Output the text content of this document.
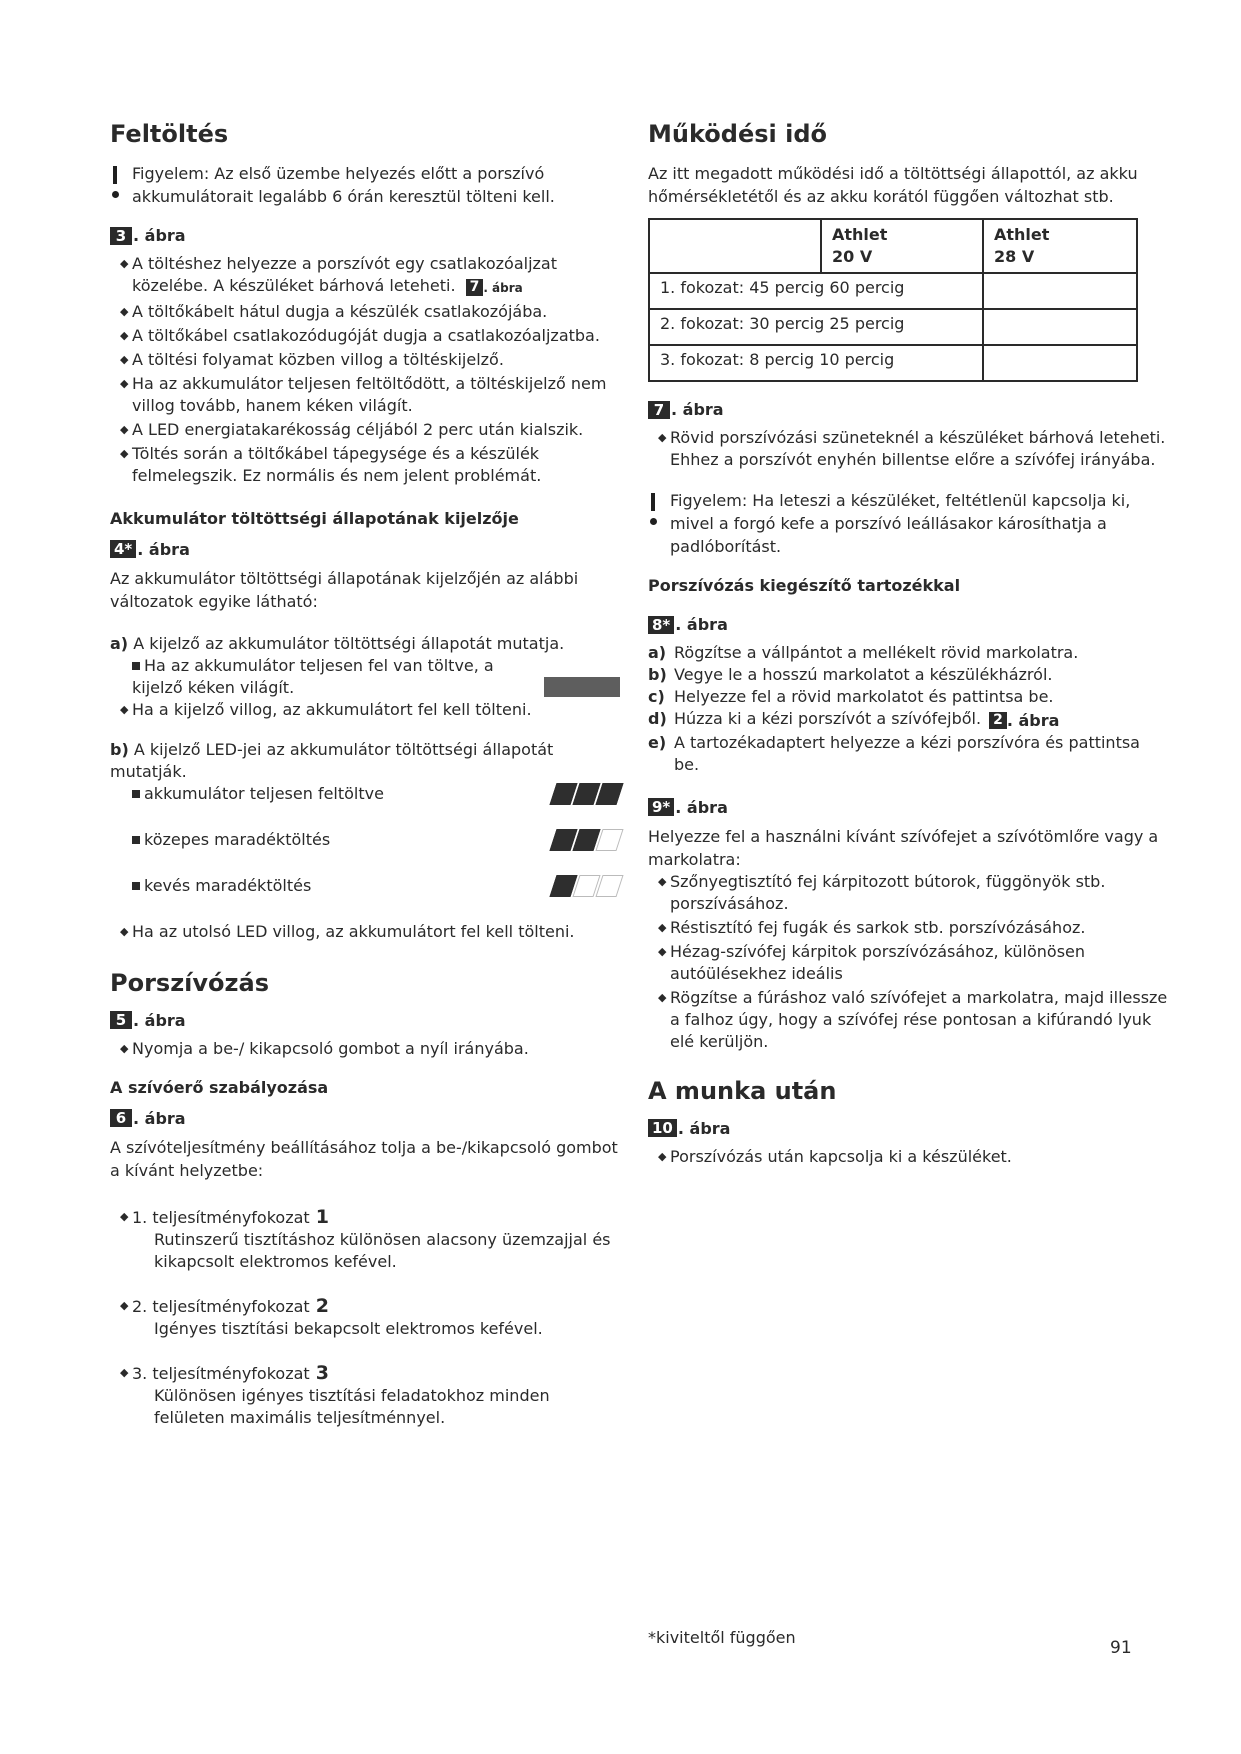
Feltöltés

Figyelem: Az első üzembe helyezés előtt a porszívó akkumulátorait legalább 6 órán keresztül tölteni kell.

3 . ábra
◆ A töltéshez helyezze a porszívót egy csatlakozóaljzat közelébe. A készüléket bárhová leteheti. 7 . ábra
◆ A töltőkábelt hátul dugja a készülék csatlakozójába.
◆ A töltőkábel csatlakozódugóját dugja a csatlakozóaljzatba.
◆ A töltési folyamat közben villog a töltéskijelző.
◆ Ha az akkumulátor teljesen feltöltődött, a töltéskijelző nem villog tovább, hanem kéken világít.
◆ A LED energiatakarékosság céljából 2 perc után kialszik.
◆ Töltés során a töltőkábel tápegysége és a készülék felmelegszik. Ez normális és nem jelent problémát.
Akkumulátor töltöttségi állapotának kijelzője
4* . ábra

Az akkumulátor töltöttségi állapotának kijelzőjén az alábbi változatok egyike látható:

a) A kijelző az akkumulátor töltöttségi állapotát mutatja.
Ha az akkumulátor teljesen fel van töltve, a kijelző kéken világít.
◆ Ha a kijelző villog, az akkumulátort fel kell tölteni.
b) A kijelző LED-jei az akkumulátor töltöttségi állapotát mutatják.
akkumulátor teljesen feltöltve
közepes maradéktöltés
kevés maradéktöltés
◆ Ha az utolsó LED villog, az akkumulátort fel kell tölteni.
Porszívózás
5 . ábra
◆ Nyomja a be-/ kikapcsoló gombot a nyíl irányába.
A szívóerő szabályozása
6 . ábra

A szívóteljesítmény beállításához tolja a be-/kikapcsoló gombot a kívánt helyzetbe:

◆ 1. teljesítményfokozat 1
Rutinszerű tisztításhoz különösen alacsony üzemzajjal és kikapcsolt elektromos kefével.
◆ 2. teljesítményfokozat 2
Igényes tisztítási bekapcsolt elektromos kefével.
◆ 3. teljesítményfokozat 3
Különösen igényes tisztítási feladatokhoz minden felületen maximális teljesítménnyel.
Működési idő

Az itt megadott működési idő a töltöttségi állapottól, az akku hőmérsékletétől és az akku korától függően változhat stb.

	Athlet
20 V	Athlet
28 V
1. fokozat: 45 percig 60 percig		
2. fokozat: 30 percig 25 percig		
3. fokozat: 8 percig 10 percig		
7 . ábra
◆ Rövid porszívózási szüneteknél a készüléket bárhová leteheti. Ehhez a porszívót enyhén billentse előre a szívófej irányába.

Figyelem: Ha leteszi a készüléket, feltétlenül kapcsolja ki, mivel a forgó kefe a porszívó leállásakor károsíthatja a padlóborítást.

Porszívózás kiegészítő tartozékkal
8* . ábra
a) Rögzítse a vállpántot a mellékelt rövid markolatra.
b) Vegye le a hosszú markolatot a készülékházról.
c) Helyezze fel a rövid markolatot és pattintsa be.
d) Húzza ki a kézi porszívót a szívófejből. 2 . ábra
e) A tartozékadaptert helyezze a kézi porszívóra és pattintsa be.
9* . ábra

Helyezze fel a használni kívánt szívófejet a szívótömlőre vagy a markolatra:

◆ Szőnyegtisztító fej kárpitozott bútorok, függönyök stb. porszívásához.
◆ Réstisztító fej fugák és sarkok stb. porszívózásához.
◆ Hézag-szívófej kárpitok porszívózásához, különösen autóülésekhez ideális
◆ Rögzítse a fúráshoz való szívófejet a markolatra, majd illessze a falhoz úgy, hogy a szívófej rése pontosan a kifúrandó lyuk elé kerüljön.
A munka után
10 . ábra
◆ Porszívózás után kapcsolja ki a készüléket.
*kiviteltől függően
91
